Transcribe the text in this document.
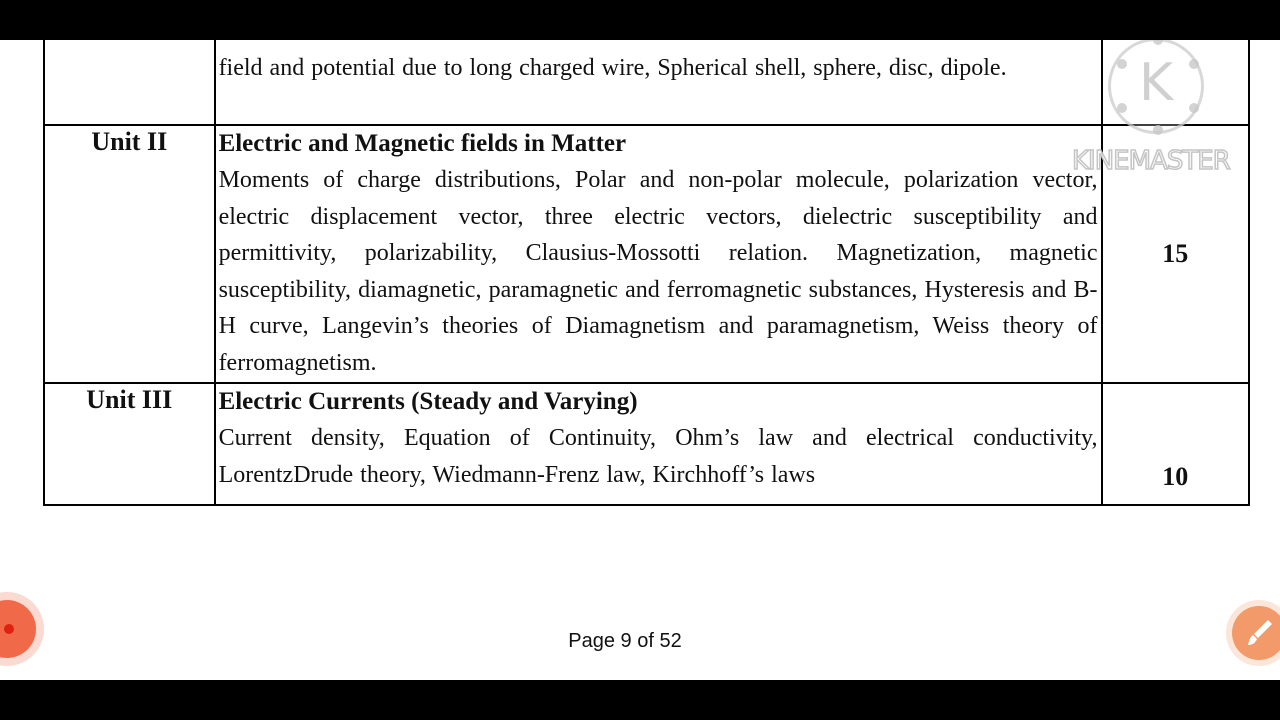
	field and potential due to long charged wire, Spherical shell, sphere, disc, dipole.	

Unit II	Electric and Magnetic fields in Matter
Moments of charge distributions, Polar and non-polar molecule, polarization vector, electric displacement vector, three electric vectors, dielectric susceptibility and permittivity, polarizability, Clausius-Mossotti relation. Magnetization, magnetic susceptibility, diamagnetic, paramagnetic and ferromagnetic substances, Hysteresis and B-H curve, Langevin’s theories of Diamagnetism and paramagnetism, Weiss theory of ferromagnetism.	15
Unit III	Electric Currents (Steady and Varying)
Current density, Equation of Continuity, Ohm’s law and electrical conductivity, LorentzDrude theory, Wiedmann-Frenz law, Kirchhoff’s laws	10
Page 9 of 52
K
KINEMASTER
